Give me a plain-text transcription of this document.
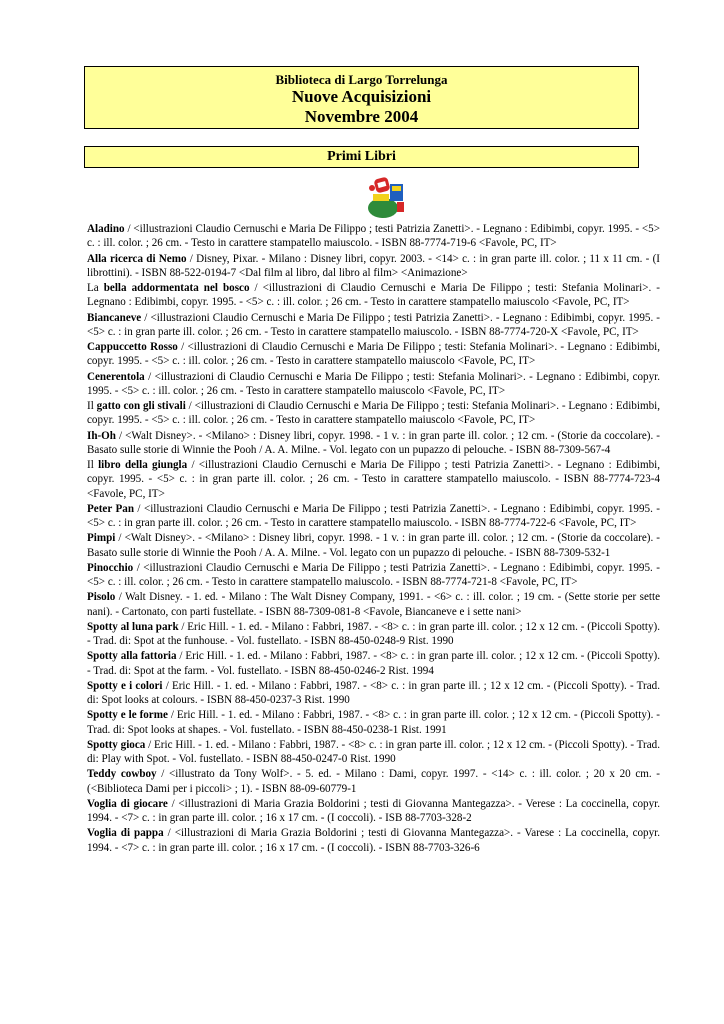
Biblioteca di Largo Torrelunga
Nuove Acquisizioni
Novembre 2004
Primi Libri

Aladino / <illustrazioni Claudio Cernuschi e Maria De Filippo ; testi Patrizia Zanetti>. - Legnano : Edibimbi, copyr. 1995. - <5> c. : ill. color. ; 26 cm. - Testo in carattere stampatello maiuscolo. - ISBN 88-7774-719-6 <Favole, PC, IT>

Alla ricerca di Nemo / Disney, Pixar. - Milano : Disney libri, copyr. 2003. - <14> c. : in gran parte ill. color. ; 11 x 11 cm. - (I librottini). - ISBN 88-522-0194-7 <Dal film al libro, dal libro al film> <Animazione>

La bella addormentata nel bosco / <illustrazioni di Claudio Cernuschi e Maria De Filippo ; testi: Stefania Molinari>. - Legnano : Edibimbi, copyr. 1995. - <5> c. : ill. color. ; 26 cm. - Testo in carattere stampatello maiuscolo <Favole, PC, IT>

Biancaneve / <illustrazioni Claudio Cernuschi e Maria De Filippo ; testi Patrizia Zanetti>. - Legnano : Edibimbi, copyr. 1995. - <5> c. : in gran parte ill. color. ; 26 cm. - Testo in carattere stampatello maiuscolo. - ISBN 88-7774-720-X <Favole, PC, IT>

Cappuccetto Rosso / <illustrazioni di Claudio Cernuschi e Maria De Filippo ; testi: Stefania Molinari>. - Legnano : Edibimbi, copyr. 1995. - <5> c. : ill. color. ; 26 cm. - Testo in carattere stampatello maiuscolo <Favole, PC, IT>

Cenerentola / <illustrazioni di Claudio Cernuschi e Maria De Filippo ; testi: Stefania Molinari>. - Legnano : Edibimbi, copyr. 1995. - <5> c. : ill. color. ; 26 cm. - Testo in carattere stampatello maiuscolo <Favole, PC, IT>

Il gatto con gli stivali / <illustrazioni di Claudio Cernuschi e Maria De Filippo ; testi: Stefania Molinari>. - Legnano : Edibimbi, copyr. 1995. - <5> c. : ill. color. ; 26 cm. - Testo in carattere stampatello maiuscolo <Favole, PC, IT>

Ih-Oh / <Walt Disney>. - <Milano> : Disney libri, copyr. 1998. - 1 v. : in gran parte ill. color. ; 12 cm. - (Storie da coccolare). - Basato sulle storie di Winnie the Pooh / A. A. Milne. - Vol. legato con un pupazzo di pelouche. - ISBN 88-7309-567-4

Il libro della giungla / <illustrazioni Claudio Cernuschi e Maria De Filippo ; testi Patrizia Zanetti>. - Legnano : Edibimbi, copyr. 1995. - <5> c. : in gran parte ill. color. ; 26 cm. - Testo in carattere stampatello maiuscolo. - ISBN 88-7774-723-4 <Favole, PC, IT>

Peter Pan / <illustrazioni Claudio Cernuschi e Maria De Filippo ; testi Patrizia Zanetti>. - Legnano : Edibimbi, copyr. 1995. - <5> c. : in gran parte ill. color. ; 26 cm. - Testo in carattere stampatello maiuscolo. - ISBN 88-7774-722-6 <Favole, PC, IT>

Pimpi / <Walt Disney>. - <Milano> : Disney libri, copyr. 1998. - 1 v. : in gran parte ill. color. ; 12 cm. - (Storie da coccolare). - Basato sulle storie di Winnie the Pooh / A. A. Milne. - Vol. legato con un pupazzo di pelouche. - ISBN 88-7309-532-1

Pinocchio / <illustrazioni Claudio Cernuschi e Maria De Filippo ; testi Patrizia Zanetti>. - Legnano : Edibimbi, copyr. 1995. - <5> c. : ill. color. ; 26 cm. - Testo in carattere stampatello maiuscolo. - ISBN 88-7774-721-8 <Favole, PC, IT>

Pisolo / Walt Disney. - 1. ed. - Milano : The Walt Disney Company, 1991. - <6> c. : ill. color. ; 19 cm. - (Sette storie per sette nani). - Cartonato, con parti fustellate. - ISBN 88-7309-081-8 <Favole, Biancaneve e i sette nani>

Spotty al luna park / Eric Hill. - 1. ed. - Milano : Fabbri, 1987. - <8> c. : in gran parte ill. color. ; 12 x 12 cm. - (Piccoli Spotty). - Trad. di: Spot at the funhouse. - Vol. fustellato. - ISBN 88-450-0248-9 Rist. 1990

Spotty alla fattoria / Eric Hill. - 1. ed. - Milano : Fabbri, 1987. - <8> c. : in gran parte ill. color. ; 12 x 12 cm. - (Piccoli Spotty). - Trad. di: Spot at the farm. - Vol. fustellato. - ISBN 88-450-0246-2 Rist. 1994

Spotty e i colori / Eric Hill. - 1. ed. - Milano : Fabbri, 1987. - <8> c. : in gran parte ill. ; 12 x 12 cm. - (Piccoli Spotty). - Trad. di: Spot looks at colours. - ISBN 88-450-0237-3 Rist. 1990

Spotty e le forme / Eric Hill. - 1. ed. - Milano : Fabbri, 1987. - <8> c. : in gran parte ill. color. ; 12 x 12 cm. - (Piccoli Spotty). - Trad. di: Spot looks at shapes. - Vol. fustellato. - ISBN 88-450-0238-1 Rist. 1991

Spotty gioca / Eric Hill. - 1. ed. - Milano : Fabbri, 1987. - <8> c. : in gran parte ill. color. ; 12 x 12 cm. - (Piccoli Spotty). - Trad. di: Play with Spot. - Vol. fustellato. - ISBN 88-450-0247-0 Rist. 1990

Teddy cowboy / <illustrato da Tony Wolf>. - 5. ed. - Milano : Dami, copyr. 1997. - <14> c. : ill. color. ; 20 x 20 cm. - (<Biblioteca Dami per i piccoli> ; 1). - ISBN 88-09-60779-1

Voglia di giocare / <illustrazioni di Maria Grazia Boldorini ; testi di Giovanna Mantegazza>. - Verese : La coccinella, copyr. 1994. - <7> c. : in gran parte ill. color. ; 16 x 17 cm. - (I coccoli). - ISB 88-7703-328-2

Voglia di pappa / <illustrazioni di Maria Grazia Boldorini ; testi di Giovanna Mantegazza>. - Varese : La coccinella, copyr. 1994. - <7> c. : in gran parte ill. color. ; 16 x 17 cm. - (I coccoli). - ISBN 88-7703-326-6
